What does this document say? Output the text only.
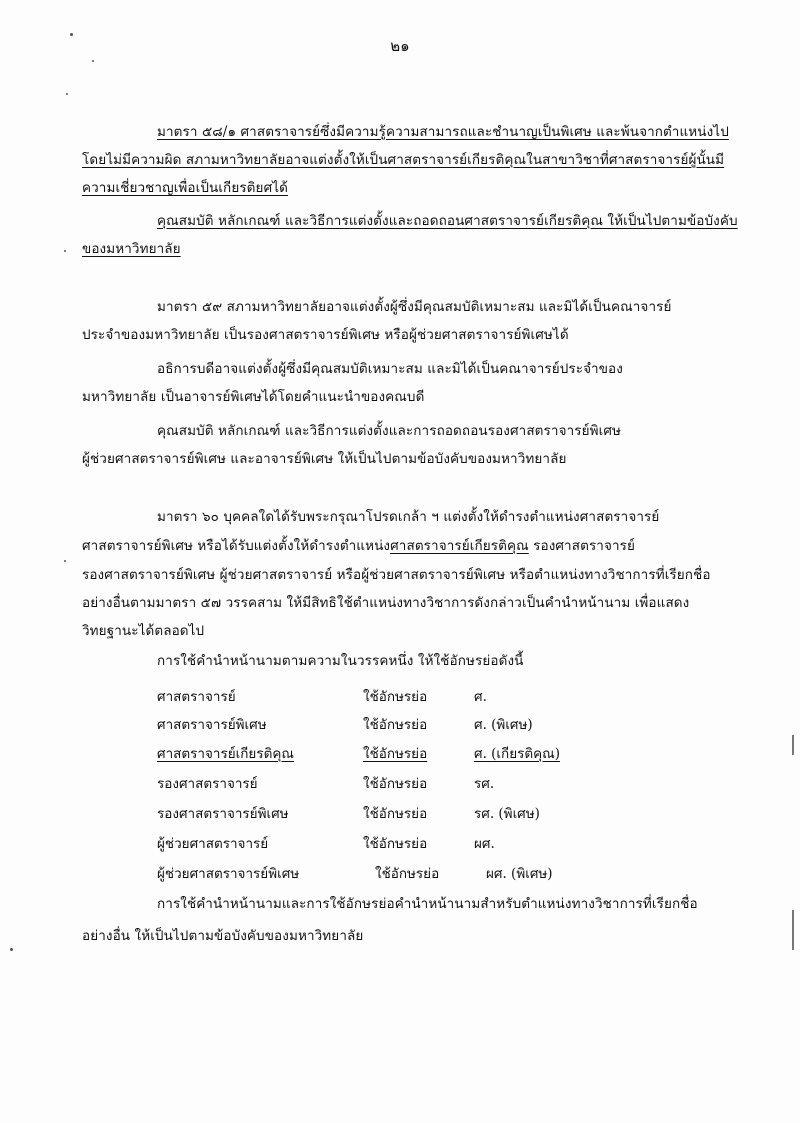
๒๑
มาตรา ๕๘/๑ ศาสตราจารย์ซึ่งมีความรู้ความสามารถและชำนาญเป็นพิเศษ และพ้นจากตำแหน่งไป
โดยไม่มีความผิด สภามหาวิทยาลัยอาจแต่งตั้งให้เป็นศาสตราจารย์เกียรติคุณในสาขาวิชาที่ศาสตราจารย์ผู้นั้นมี
ความเชี่ยวชาญเพื่อเป็นเกียรติยศได้
คุณสมบัติ หลักเกณฑ์ และวิธีการแต่งตั้งและถอดถอนศาสตราจารย์เกียรติคุณ ให้เป็นไปตามข้อบังคับ
ของมหาวิทยาลัย
มาตรา ๕๙ สภามหาวิทยาลัยอาจแต่งตั้งผู้ซึ่งมีคุณสมบัติเหมาะสม และมิได้เป็นคณาจารย์
ประจำของมหาวิทยาลัย เป็นรองศาสตราจารย์พิเศษ หรือผู้ช่วยศาสตราจารย์พิเศษได้
อธิการบดีอาจแต่งตั้งผู้ซึ่งมีคุณสมบัติเหมาะสม และมิได้เป็นคณาจารย์ประจำของ
มหาวิทยาลัย เป็นอาจารย์พิเศษได้โดยคำแนะนำของคณบดี
คุณสมบัติ หลักเกณฑ์ และวิธีการแต่งตั้งและการถอดถอนรองศาสตราจารย์พิเศษ
ผู้ช่วยศาสตราจารย์พิเศษ และอาจารย์พิเศษ ให้เป็นไปตามข้อบังคับของมหาวิทยาลัย
มาตรา ๖๐ บุคคลใดได้รับพระกรุณาโปรดเกล้า ฯ แต่งตั้งให้ดำรงตำแหน่งศาสตราจารย์
ศาสตราจารย์พิเศษ หรือได้รับแต่งตั้งให้ดำรงตำแหน่งศาสตราจารย์เกียรติคุณ รองศาสตราจารย์
รองศาสตราจารย์พิเศษ ผู้ช่วยศาสตราจารย์ หรือผู้ช่วยศาสตราจารย์พิเศษ หรือตำแหน่งทางวิชาการที่เรียกชื่อ
อย่างอื่นตามมาตรา ๕๗ วรรคสาม ให้มีสิทธิใช้ตำแหน่งทางวิชาการดังกล่าวเป็นคำนำหน้านาม เพื่อแสดง
วิทยฐานะได้ตลอดไป
การใช้คำนำหน้านามตามความในวรรคหนึ่ง ให้ใช้อักษรย่อดังนี้
ศาสตราจารย์	ใช้อักษรย่อ	ศ.
ศาสตราจารย์พิเศษ	ใช้อักษรย่อ	ศ. (พิเศษ)
ศาสตราจารย์เกียรติคุณ	ใช้อักษรย่อ	ศ. (เกียรติคุณ)
รองศาสตราจารย์	ใช้อักษรย่อ	รศ.
รองศาสตราจารย์พิเศษ	ใช้อักษรย่อ	รศ. (พิเศษ)
ผู้ช่วยศาสตราจารย์	ใช้อักษรย่อ	ผศ.
ผู้ช่วยศาสตราจารย์พิเศษ	ใช้อักษรย่อ	ผศ. (พิเศษ)
การใช้คำนำหน้านามและการใช้อักษรย่อคำนำหน้านามสำหรับตำแหน่งทางวิชาการที่เรียกชื่อ
อย่างอื่น ให้เป็นไปตามข้อบังคับของมหาวิทยาลัย
